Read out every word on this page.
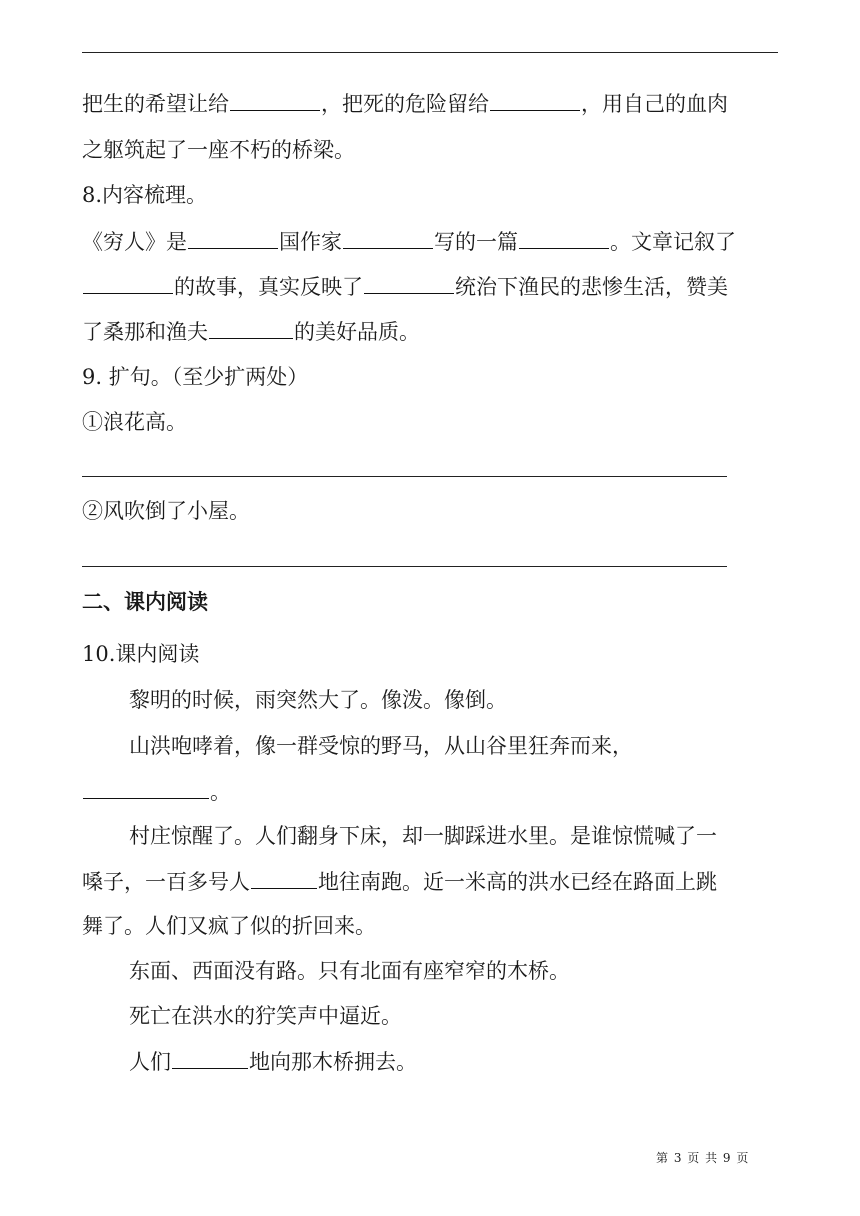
把生的希望让给	，把死的危险留给	，用自己的血肉
之躯筑起了一座不朽的桥梁。
8.内容梳理。
《穷人》是	国作家	写的一篇	。文章记叙了
的故事，真实反映了	统治下渔民的悲惨生活，赞美
了桑那和渔夫	的美好品质。
9. 扩句。（至少扩两处）
①浪花高。
②风吹倒了小屋。
二、课内阅读
10.课内阅读
黎明的时候，雨突然大了。像泼。像倒。
山洪咆哮着，像一群受惊的野马，从山谷里狂奔而来，
。
村庄惊醒了。人们翻身下床，却一脚踩进水里。是谁惊慌喊了一
嗓子，一百多号人	地往南跑。近一米高的洪水已经在路面上跳
舞了。人们又疯了似的折回来。
东面、西面没有路。只有北面有座窄窄的木桥。
死亡在洪水的狞笑声中逼近。
人们	地向那木桥拥去。
第 3 页 共 9 页
